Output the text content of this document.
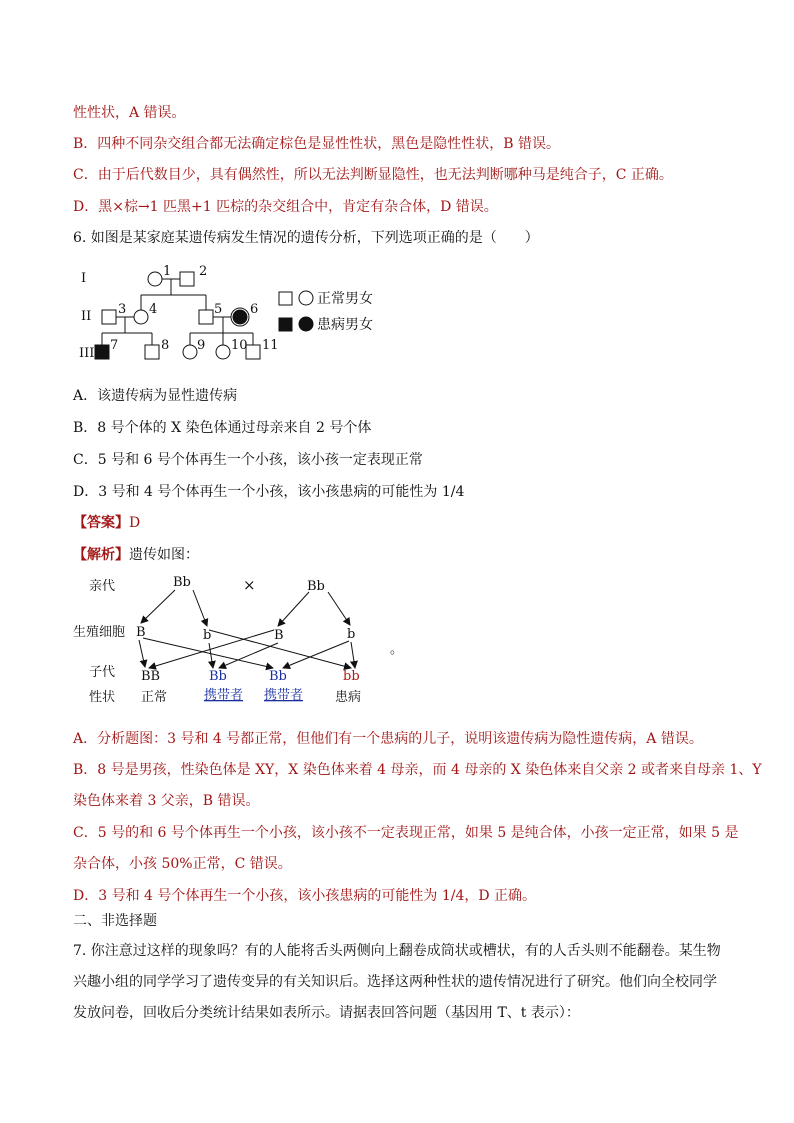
性性状，A 错误。
B．四种不同杂交组合都无法确定棕色是显性性状，黑色是隐性性状，B 错误。
C．由于后代数目少，具有偶然性，所以无法判断显隐性，也无法判断哪种马是纯合子，C 正确。
D．黑×棕→1 匹黑+1 匹棕的杂交组合中，肯定有杂合体，D 错误。
6. 如图是某家庭某遗传病发生情况的遗传分析，下列选项正确的是（　　）
I
II
III
1 2
3 4	5 6
7	8 9 10 11
正常男女
患病男女
A．该遗传病为显性遗传病
B．8 号个体的 X 染色体通过母亲来自 2 号个体
C．5 号和 6 号个体再生一个小孩，该小孩一定表现正常
D．3 号和 4 号个体再生一个小孩，该小孩患病的可能性为 1/4
【答案】D
【解析】遗传如图：
亲代
生殖细胞
子代
性状
Bb	×	Bb
B	b	B	b
。
BB	Bb	Bb	bb
正常	携带者 携带者 患病
A．分析题图：3 号和 4 号都正常，但他们有一个患病的儿子，说明该遗传病为隐性遗传病，A 错误。
B．8 号是男孩，性染色体是 XY，X 染色体来着 4 母亲，而 4 母亲的 X 染色体来自父亲 2 或者来自母亲 1、Y
染色体来着 3 父亲，B 错误。
C．5 号的和 6 号个体再生一个小孩，该小孩不一定表现正常，如果 5 是纯合体，小孩一定正常，如果 5 是
杂合体，小孩 50%正常，C 错误。
D．3 号和 4 号个体再生一个小孩，该小孩患病的可能性为 1/4，D 正确。
二、非选择题
7. 你注意过这样的现象吗？有的人能将舌头两侧向上翻卷成筒状或槽状，有的人舌头则不能翻卷。某生物
兴趣小组的同学学习了遗传变异的有关知识后。选择这两种性状的遗传情况进行了研究。他们向全校同学
发放问卷，回收后分类统计结果如表所示。请据表回答问题（基因用 T、t 表示）：
